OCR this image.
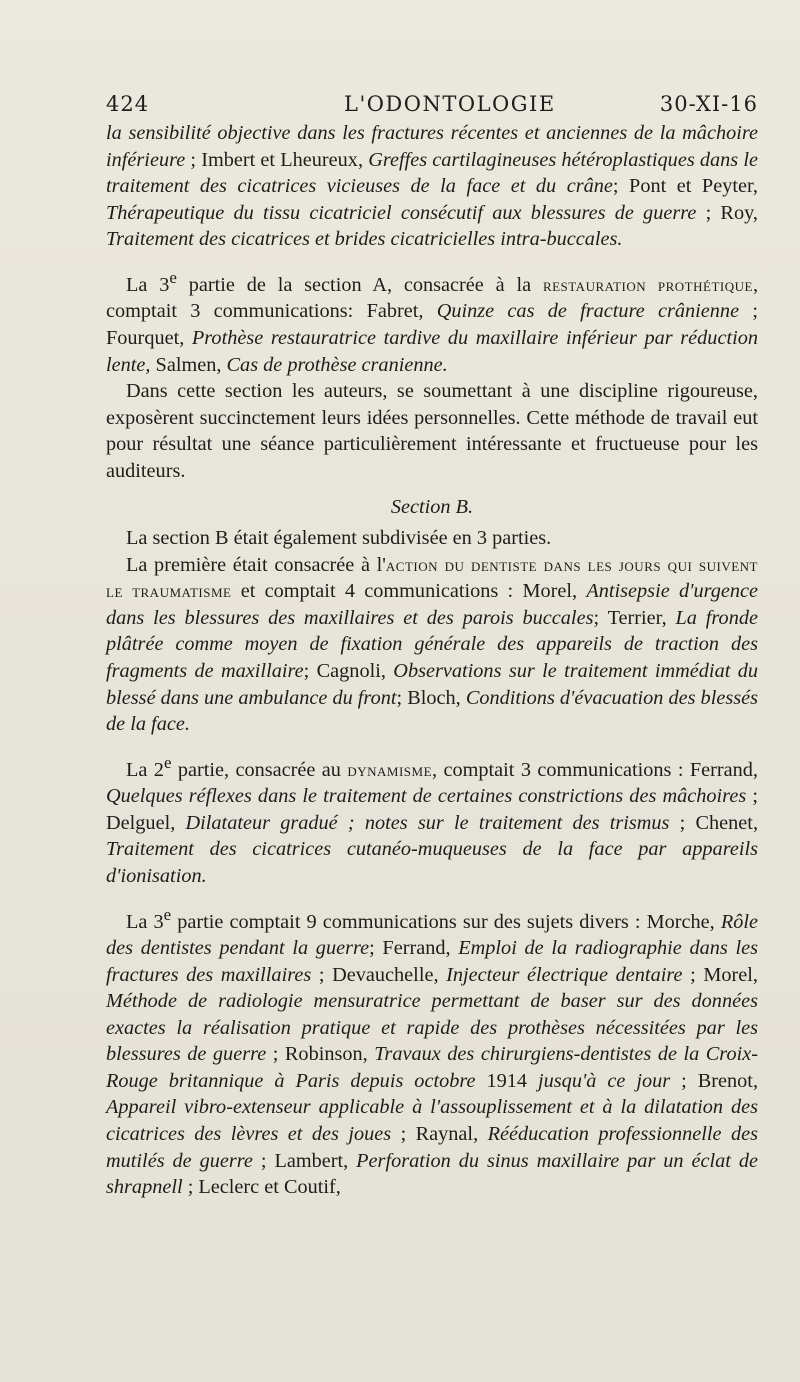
424	L'ODONTOLOGIE	30-XI-16

la sensibilité objective dans les fractures récentes et anciennes de la mâchoire inférieure ; Imbert et Lheureux, Greffes cartilagineuses hétéroplastiques dans le traitement des cicatrices vicieuses de la face et du crâne; Pont et Peyter, Thérapeutique du tissu cicatriciel consécutif aux blessures de guerre ; Roy, Traitement des cicatrices et brides cicatricielles intra-buccales.

La 3e partie de la section A, consacrée à la restauration prothétique, comptait 3 communications: Fabret, Quinze cas de fracture crânienne ; Fourquet, Prothèse restauratrice tardive du maxillaire inférieur par réduction lente, Salmen, Cas de prothèse cranienne.

Dans cette section les auteurs, se soumettant à une discipline rigoureuse, exposèrent succinctement leurs idées personnelles. Cette méthode de travail eut pour résultat une séance particulièrement intéressante et fructueuse pour les auditeurs.

Section B.

La section B était également subdivisée en 3 parties.

La première était consacrée à l'action du dentiste dans les jours qui suivent le traumatisme et comptait 4 communications : Morel, Antisepsie d'urgence dans les blessures des maxillaires et des parois buccales; Terrier, La fronde plâtrée comme moyen de fixation générale des appareils de traction des fragments de maxillaire; Cagnoli, Observations sur le traitement immédiat du blessé dans une ambulance du front; Bloch, Conditions d'évacuation des blessés de la face.

La 2e partie, consacrée au dynamisme, comptait 3 communications : Ferrand, Quelques réflexes dans le traitement de certaines constrictions des mâchoires ; Delguel, Dilatateur gradué ; notes sur le traitement des trismus ; Chenet, Traitement des cicatrices cutanéo-muqueuses de la face par appareils d'ionisation.

La 3e partie comptait 9 communications sur des sujets divers : Morche, Rôle des dentistes pendant la guerre; Ferrand, Emploi de la radiographie dans les fractures des maxillaires ; Devauchelle, Injecteur électrique dentaire ; Morel, Méthode de radiologie mensuratrice permettant de baser sur des données exactes la réalisation pratique et rapide des prothèses nécessitées par les blessures de guerre ; Robinson, Travaux des chirurgiens-dentistes de la Croix-Rouge britannique à Paris depuis octobre 1914 jusqu'à ce jour ; Brenot, Appareil vibro-extenseur applicable à l'assouplissement et à la dilatation des cicatrices des lèvres et des joues ; Raynal, Rééducation professionnelle des mutilés de guerre ; Lambert, Perforation du sinus maxillaire par un éclat de shrapnell ; Leclerc et Coutif,
